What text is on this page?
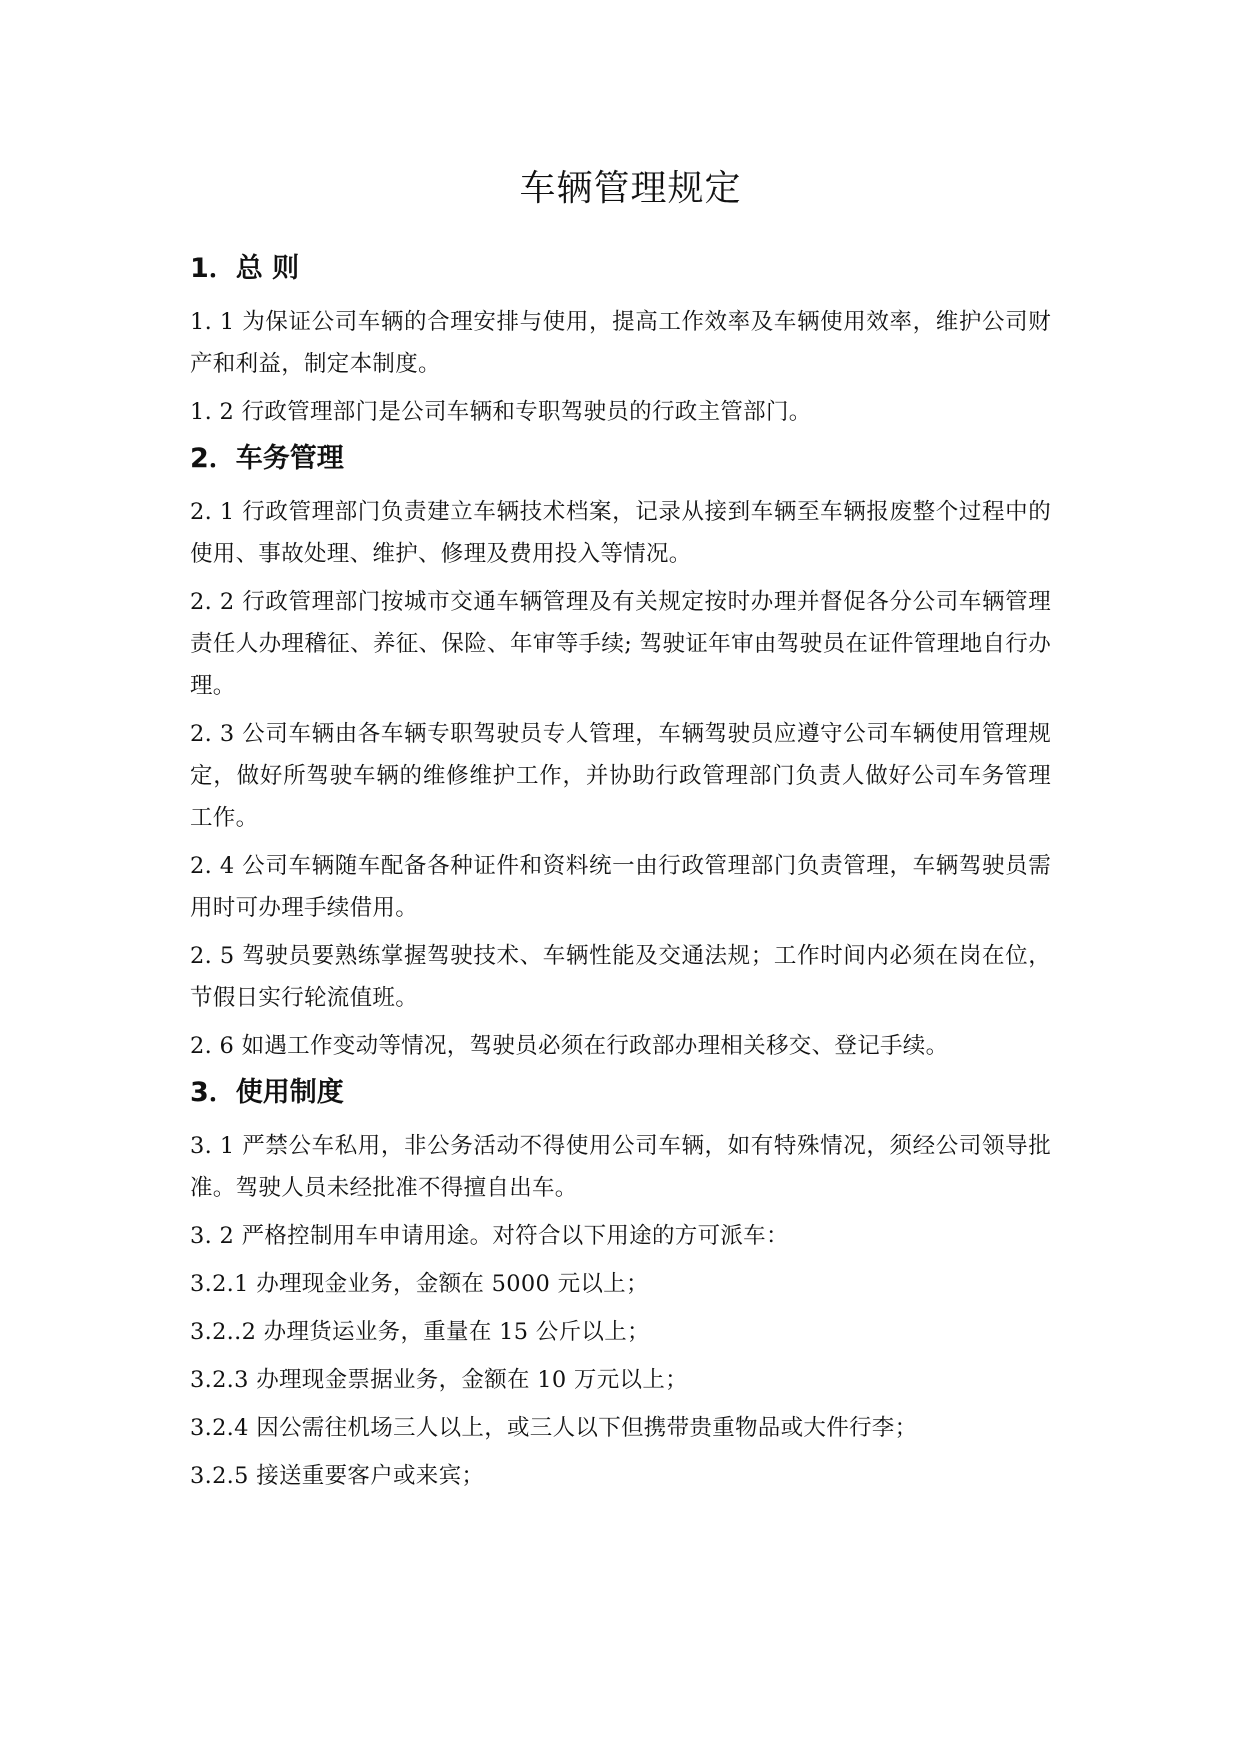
车辆管理规定
1．总 则

1. 1 为保证公司车辆的合理安排与使用，提高工作效率及车辆使用效率，维护公司财产和利益，制定本制度。

1. 2 行政管理部门是公司车辆和专职驾驶员的行政主管部门。

2．车务管理

2. 1 行政管理部门负责建立车辆技术档案，记录从接到车辆至车辆报废整个过程中的使用、事故处理、维护、修理及费用投入等情况。

2. 2 行政管理部门按城市交通车辆管理及有关规定按时办理并督促各分公司车辆管理责任人办理稽征、养征、保险、年审等手续; 驾驶证年审由驾驶员在证件管理地自行办理。

2. 3 公司车辆由各车辆专职驾驶员专人管理，车辆驾驶员应遵守公司车辆使用管理规定，做好所驾驶车辆的维修维护工作，并协助行政管理部门负责人做好公司车务管理工作。

2. 4 公司车辆随车配备各种证件和资料统一由行政管理部门负责管理，车辆驾驶员需用时可办理手续借用。

2. 5 驾驶员要熟练掌握驾驶技术、车辆性能及交通法规；工作时间内必须在岗在位，节假日实行轮流值班。

2. 6 如遇工作变动等情况，驾驶员必须在行政部办理相关移交、登记手续。

3．使用制度

3. 1 严禁公车私用，非公务活动不得使用公司车辆，如有特殊情况，须经公司领导批准。驾驶人员未经批准不得擅自出车。

3. 2 严格控制用车申请用途。对符合以下用途的方可派车：

3.2.1 办理现金业务，金额在 5000 元以上；

3.2..2 办理货运业务，重量在 15 公斤以上；

3.2.3 办理现金票据业务，金额在 10 万元以上；

3.2.4 因公需往机场三人以上，或三人以下但携带贵重物品或大件行李；

3.2.5 接送重要客户或来宾；
